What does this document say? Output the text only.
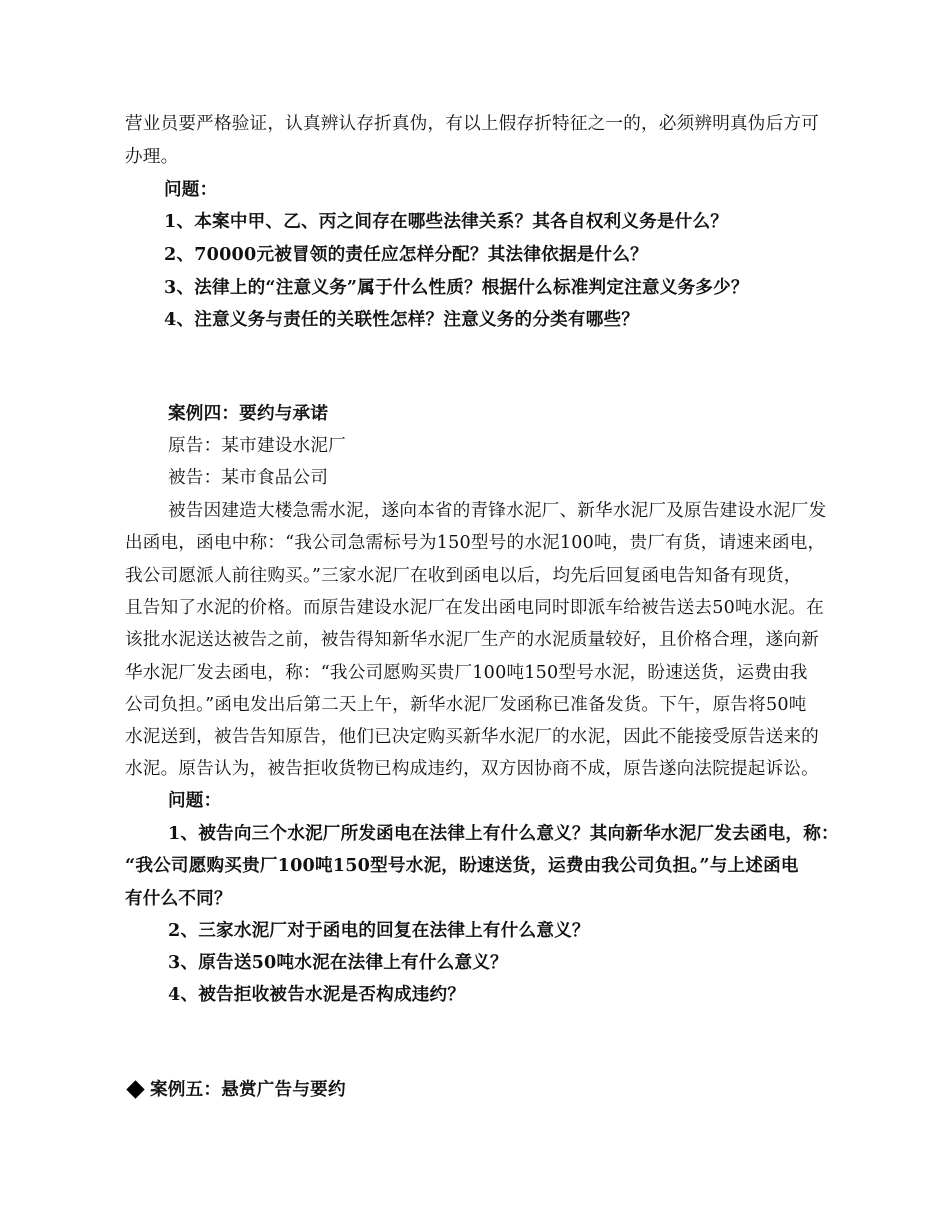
营业员要严格验证，认真辨认存折真伪，有以上假存折特征之一的，必须辨明真伪后方可
办理。
问题：
1、本案中甲、乙、丙之间存在哪些法律关系？其各自权利义务是什么？
2、70000元被冒领的责任应怎样分配？其法律依据是什么？
3、法律上的“注意义务”属于什么性质？根据什么标准判定注意义务多少？
4、注意义务与责任的关联性怎样？注意义务的分类有哪些？
案例四：要约与承诺
原告：某市建设水泥厂
被告：某市食品公司
被告因建造大楼急需水泥，遂向本省的青锋水泥厂、新华水泥厂及原告建设水泥厂发
出函电，函电中称：“我公司急需标号为150型号的水泥100吨，贵厂有货，请速来函电，
我公司愿派人前往购买。”三家水泥厂在收到函电以后，均先后回复函电告知备有现货，
且告知了水泥的价格。而原告建设水泥厂在发出函电同时即派车给被告送去50吨水泥。在
该批水泥送达被告之前，被告得知新华水泥厂生产的水泥质量较好，且价格合理，遂向新
华水泥厂发去函电，称：“我公司愿购买贵厂100吨150型号水泥，盼速送货，运费由我
公司负担。”函电发出后第二天上午，新华水泥厂发函称已准备发货。下午，原告将50吨
水泥送到，被告告知原告，他们已决定购买新华水泥厂的水泥，因此不能接受原告送来的
水泥。原告认为，被告拒收货物已构成违约，双方因协商不成，原告遂向法院提起诉讼。
问题：
1、被告向三个水泥厂所发函电在法律上有什么意义？其向新华水泥厂发去函电，称：
“我公司愿购买贵厂100吨150型号水泥，盼速送货，运费由我公司负担。”与上述函电
有什么不同？
2、三家水泥厂对于函电的回复在法律上有什么意义？
3、原告送50吨水泥在法律上有什么意义？
4、被告拒收被告水泥是否构成违约？
案例五：悬赏广告与要约
